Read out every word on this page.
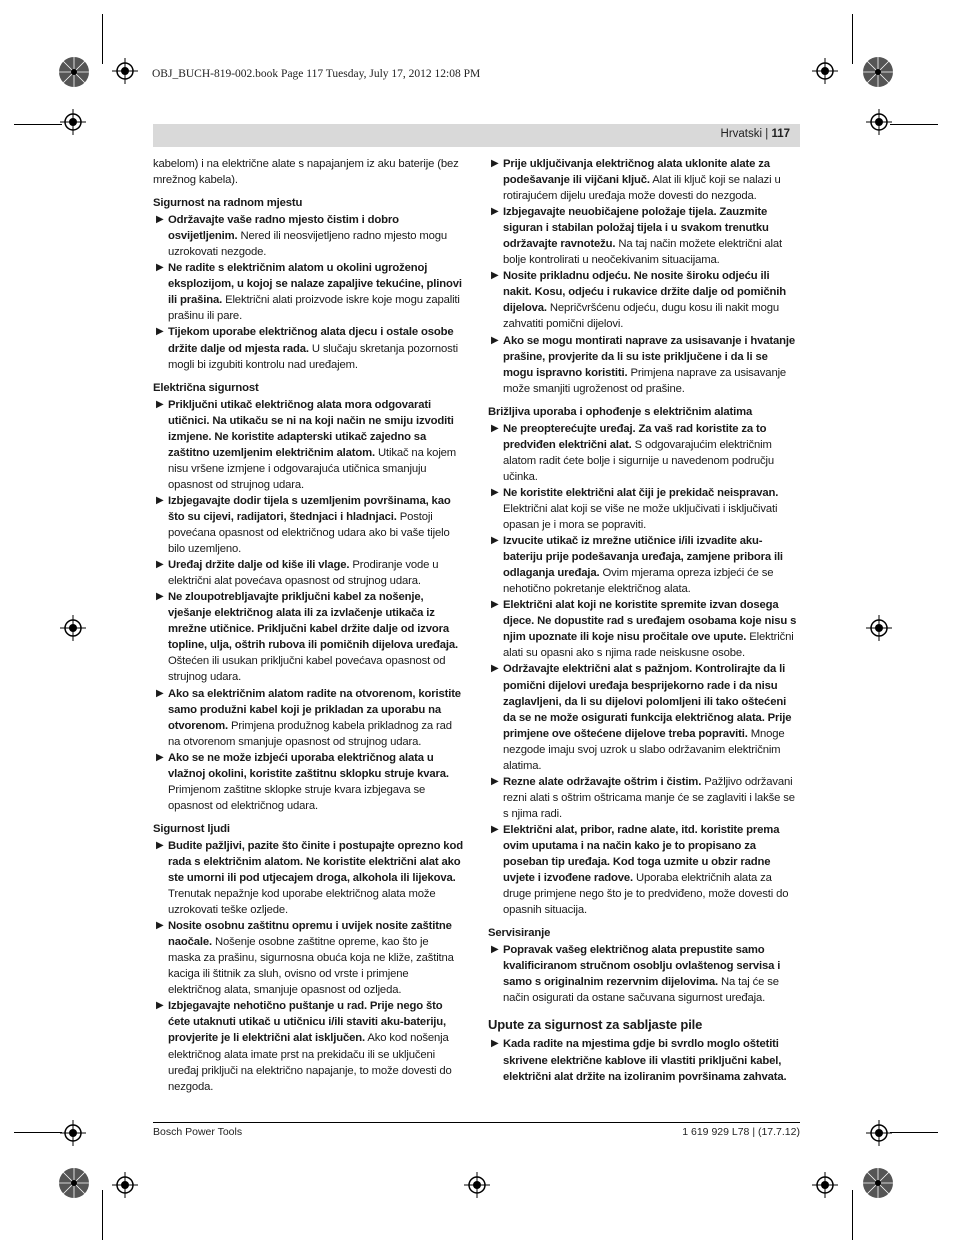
OBJ_BUCH-819-002.book Page 117 Tuesday, July 17, 2012 12:08 PM
Hrvatski | 117

kabelom) i na električne alate s napajanjem iz aku baterije (bez mrežnog kabela).

Sigurnost na radnom mjestu

▶ Održavajte vaše radno mjesto čistim i dobro osvijetljenim. Nered ili neosvijetljeno radno mjesto mogu uzrokovati nezgode.

▶ Ne radite s električnim alatom u okolini ugroženoj eksplozijom, u kojoj se nalaze zapaljive tekućine, plinovi ili prašina. Električni alati proizvode iskre koje mogu zapaliti prašinu ili pare.

▶ Tijekom uporabe električnog alata djecu i ostale osobe držite dalje od mjesta rada. U slučaju skretanja pozornosti mogli bi izgubiti kontrolu nad uređajem.

Električna sigurnost

▶ Priključni utikač električnog alata mora odgovarati utičnici. Na utikaču se ni na koji način ne smiju izvoditi izmjene. Ne koristite adapterski utikač zajedno sa zaštitno uzemljenim električnim alatom. Utikač na kojem nisu vršene izmjene i odgovarajuća utičnica smanjuju opasnost od strujnog udara.

▶ Izbjegavajte dodir tijela s uzemljenim površinama, kao što su cijevi, radijatori, štednjaci i hladnjaci. Postoji povećana opasnost od električnog udara ako bi vaše tijelo bilo uzemljeno.

▶ Uređaj držite dalje od kiše ili vlage. Prodiranje vode u električni alat povećava opasnost od strujnog udara.

▶ Ne zloupotrebljavajte priključni kabel za nošenje, vješanje električnog alata ili za izvlačenje utikača iz mrežne utičnice. Priključni kabel držite dalje od izvora topline, ulja, oštrih rubova ili pomičnih dijelova uređaja. Oštećen ili usukan priključni kabel povećava opasnost od strujnog udara.

▶ Ako sa električnim alatom radite na otvorenom, koristite samo produžni kabel koji je prikladan za uporabu na otvorenom. Primjena produžnog kabela prikladnog za rad na otvorenom smanjuje opasnost od strujnog udara.

▶ Ako se ne može izbjeći uporaba električnog alata u vlažnoj okolini, koristite zaštitnu sklopku struje kvara. Primjenom zaštitne sklopke struje kvara izbjegava se opasnost od električnog udara.

Sigurnost ljudi

▶ Budite pažljivi, pazite što činite i postupajte oprezno kod rada s električnim alatom. Ne koristite električni alat ako ste umorni ili pod utjecajem droga, alkohola ili lijekova. Trenutak nepažnje kod uporabe električnog alata može uzrokovati teške ozljede.

▶ Nosite osobnu zaštitnu opremu i uvijek nosite zaštitne naočale. Nošenje osobne zaštitne opreme, kao što je maska za prašinu, sigurnosna obuća koja ne kliže, zaštitna kaciga ili štitnik za sluh, ovisno od vrste i primjene električnog alata, smanjuje opasnost od ozljeda.

▶ Izbjegavajte nehotično puštanje u rad. Prije nego što ćete utaknuti utikač u utičnicu i/ili staviti aku-bateriju, provjerite je li električni alat isključen. Ako kod nošenja električnog alata imate prst na prekidaču ili se uključeni uređaj priključi na električno napajanje, to može dovesti do nezgoda.

▶ Prije uključivanja električnog alata uklonite alate za podešavanje ili vijčani ključ. Alat ili ključ koji se nalazi u rotirajućem dijelu uređaja može dovesti do nezgoda.

▶ Izbjegavajte neuobičajene položaje tijela. Zauzmite siguran i stabilan položaj tijela i u svakom trenutku održavajte ravnotežu. Na taj način možete električni alat bolje kontrolirati u neočekivanim situacijama.

▶ Nosite prikladnu odjeću. Ne nosite široku odjeću ili nakit. Kosu, odjeću i rukavice držite dalje od pomičnih dijelova. Nepričvršćenu odjeću, dugu kosu ili nakit mogu zahvatiti pomični dijelovi.

▶ Ako se mogu montirati naprave za usisavanje i hvatanje prašine, provjerite da li su iste priključene i da li se mogu ispravno koristiti. Primjena naprave za usisavanje može smanjiti ugroženost od prašine.

Brižljiva uporaba i ophođenje s električnim alatima

▶ Ne preopterećujte uređaj. Za vaš rad koristite za to predviđen električni alat. S odgovarajućim električnim alatom radit ćete bolje i sigurnije u navedenom području učinka.

▶ Ne koristite električni alat čiji je prekidač neispravan. Električni alat koji se više ne može uključivati i isključivati opasan je i mora se popraviti.

▶ Izvucite utikač iz mrežne utičnice i/ili izvadite aku-bateriju prije podešavanja uređaja, zamjene pribora ili odlaganja uređaja. Ovim mjerama opreza izbjeći će se nehotično pokretanje električnog alata.

▶ Električni alat koji ne koristite spremite izvan dosega djece. Ne dopustite rad s uređajem osobama koje nisu s njim upoznate ili koje nisu pročitale ove upute. Električni alati su opasni ako s njima rade neiskusne osobe.

▶ Održavajte električni alat s pažnjom. Kontrolirajte da li pomični dijelovi uređaja besprijekorno rade i da nisu zaglavljeni, da li su dijelovi polomljeni ili tako oštećeni da se ne može osigurati funkcija električnog alata. Prije primjene ove oštećene dijelove treba popraviti. Mnoge nezgode imaju svoj uzrok u slabo održavanim električnim alatima.

▶ Rezne alate održavajte oštrim i čistim. Pažljivo održavani rezni alati s oštrim oštricama manje će se zaglaviti i lakše se s njima radi.

▶ Električni alat, pribor, radne alate, itd. koristite prema ovim uputama i na način kako je to propisano za poseban tip uređaja. Kod toga uzmite u obzir radne uvjete i izvođene radove. Uporaba električnih alata za druge primjene nego što je to predviđeno, može dovesti do opasnih situacija.

Servisiranje

▶ Popravak vašeg električnog alata prepustite samo kvalificiranom stručnom osoblju ovlaštenog servisa i samo s originalnim rezervnim dijelovima. Na taj će se način osigurati da ostane sačuvana sigurnost uređaja.

Upute za sigurnost za sabljaste pile

▶ Kada radite na mjestima gdje bi svrdlo moglo oštetiti skrivene električne kablove ili vlastiti priključni kabel, električni alat držite na izoliranim površinama zahvata.

Bosch Power Tools	1 619 929 L78 | (17.7.12)
